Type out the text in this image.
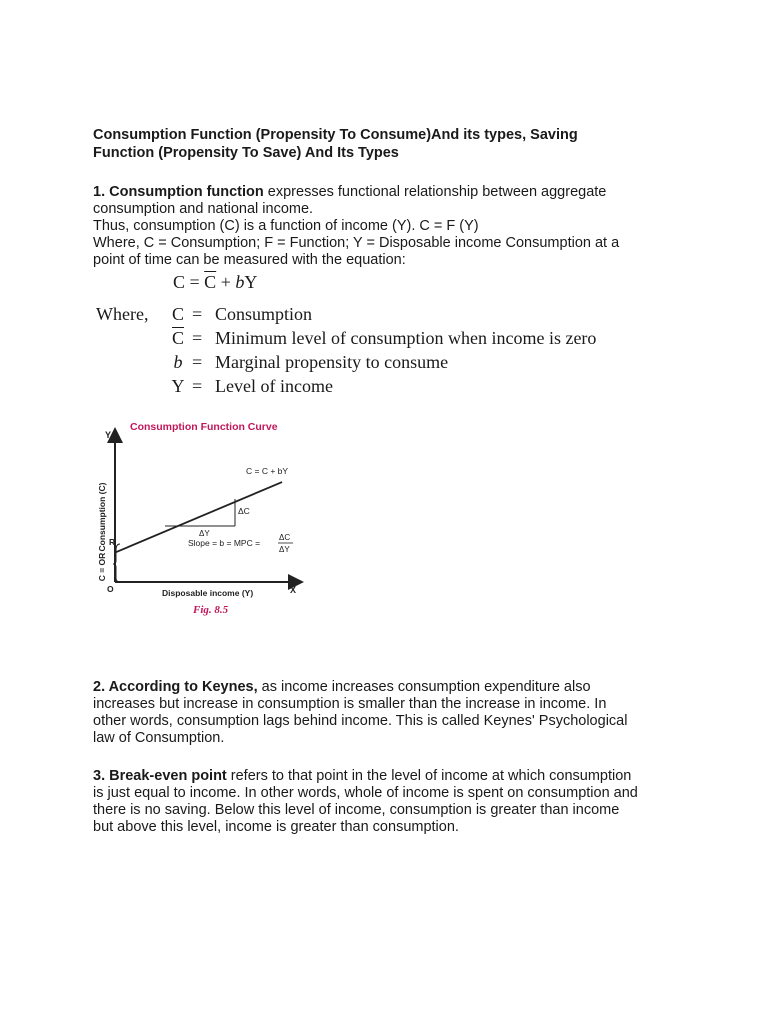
Consumption Function (Propensity To Consume)And its types, Saving
Function (Propensity To Save) And Its Types
1. Consumption function expresses functional relationship between aggregate
consumption and national income.
Thus, consumption (C) is a function of income (Y). C = F (Y)
Where, C = Consumption; F = Function; Y = Disposable income Consumption at a
point of time can be measured with the equation:
$C = \overline{C}$ + bY
Where, C = Consumption
$\overline{C}$ = Minimum level of consumption when income is zero
b = Marginal propensity to consume
Y = Level of income
Consumption Function Curve
Y
Consumption (C)
X
Disposable income (Y)
O
R
C = OR
C = C + bY
ΔC
ΔY
Slope = b = MPC =
ΔC
ΔY
Fig. 8.5
2. According to Keynes, as income increases consumption expenditure also
increases but increase in consumption is smaller than the increase in income. In
other words, consumption lags behind income. This is called Keynes' Psychological
law of Consumption.
3. Break-even point refers to that point in the level of income at which consumption
is just equal to income. In other words, whole of income is spent on consumption and
there is no saving. Below this level of income, consumption is greater than income
but above this level, income is greater than consumption.
